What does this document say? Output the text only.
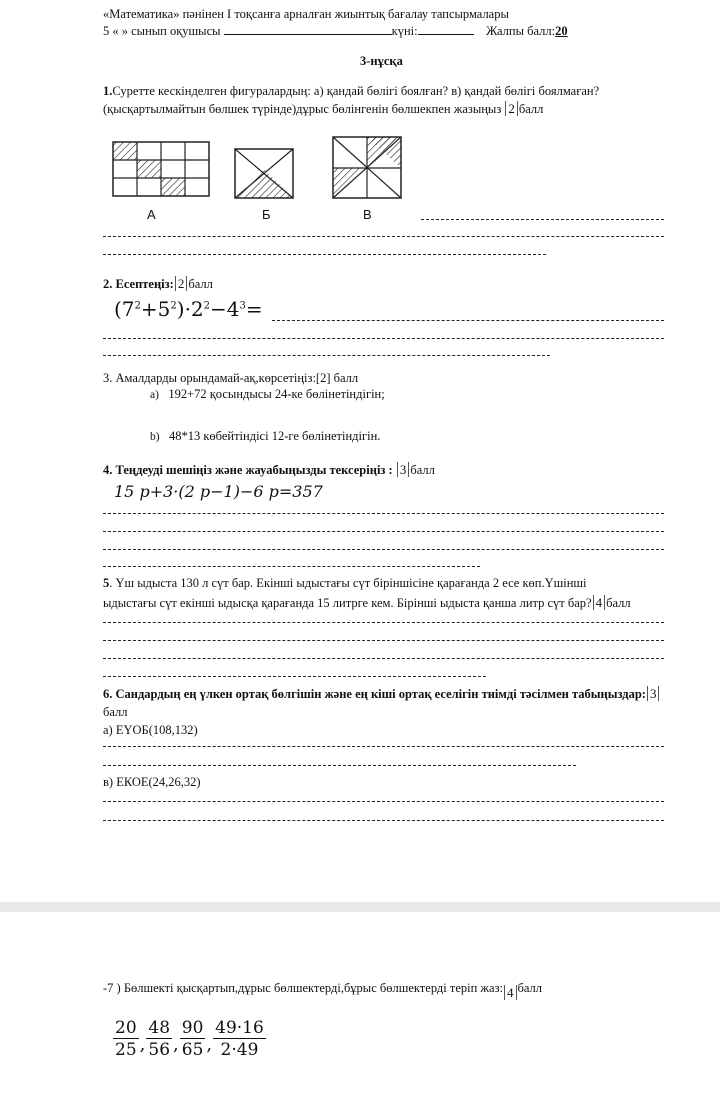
«Математика» пәнінен I тоқсанға арналған жиынтық бағалау тапсырмалары
5 « » сынып оқушысы	күні:	Жалпы балл:20
3-нұсқа
1.Суретте кескінделген фигуралардың: а) қандай бөлігі боялған? в) қандай бөлігі боялмаған?
(қысқартылмайтын бөлшек түрінде)дұрыс бөлінгенін бөлшекпен жазыңыз 2 балл
А	Б	В
2. Есептеңіз: 2 балл
$(7^2+5^2)\cdot 2^2-4^3=$
3. Амалдарды орындамай-ақ,көрсетіңіз:[2] балл
a) 192+72 қосындысы 24-ке бөлінетіндігін;
b) 48*13 көбейтіндісі 12-ге бөлінетіндігін.
4. Теңдеуді шешіңіз және жауабыңызды тексеріңіз : 3 балл
15 p+3·(2 p−1)−6 p=357
5. Үш ыдыста 130 л сүт бар. Екінші ыдыстағы сүт біріншісіне қарағанда 2 есе көп.Үшінші
ыдыстағы сүт екінші ыдысқа қарағанда 15 литрге кем. Бірінші ыдыста қанша литр сүт бар? 4 балл
6. Сандардың ең үлкен ортақ бөлгішін және ең кіші ортақ еселігін тиімді тәсілмен табыңыздар: 3
балл
а) ЕҮОБ(108,132)
в) ЕКОЕ(24,26,32)
-7 ) Бөлшекті қысқартып,дұрыс бөлшектерді,бұрыс бөлшектерді теріп жаз: 4 балл
$\frac{20}{25}$ , $\frac{48}{56}$ , $\frac{90}{65}$ , $\frac{49\cdot 16}{2\cdot 49}$
